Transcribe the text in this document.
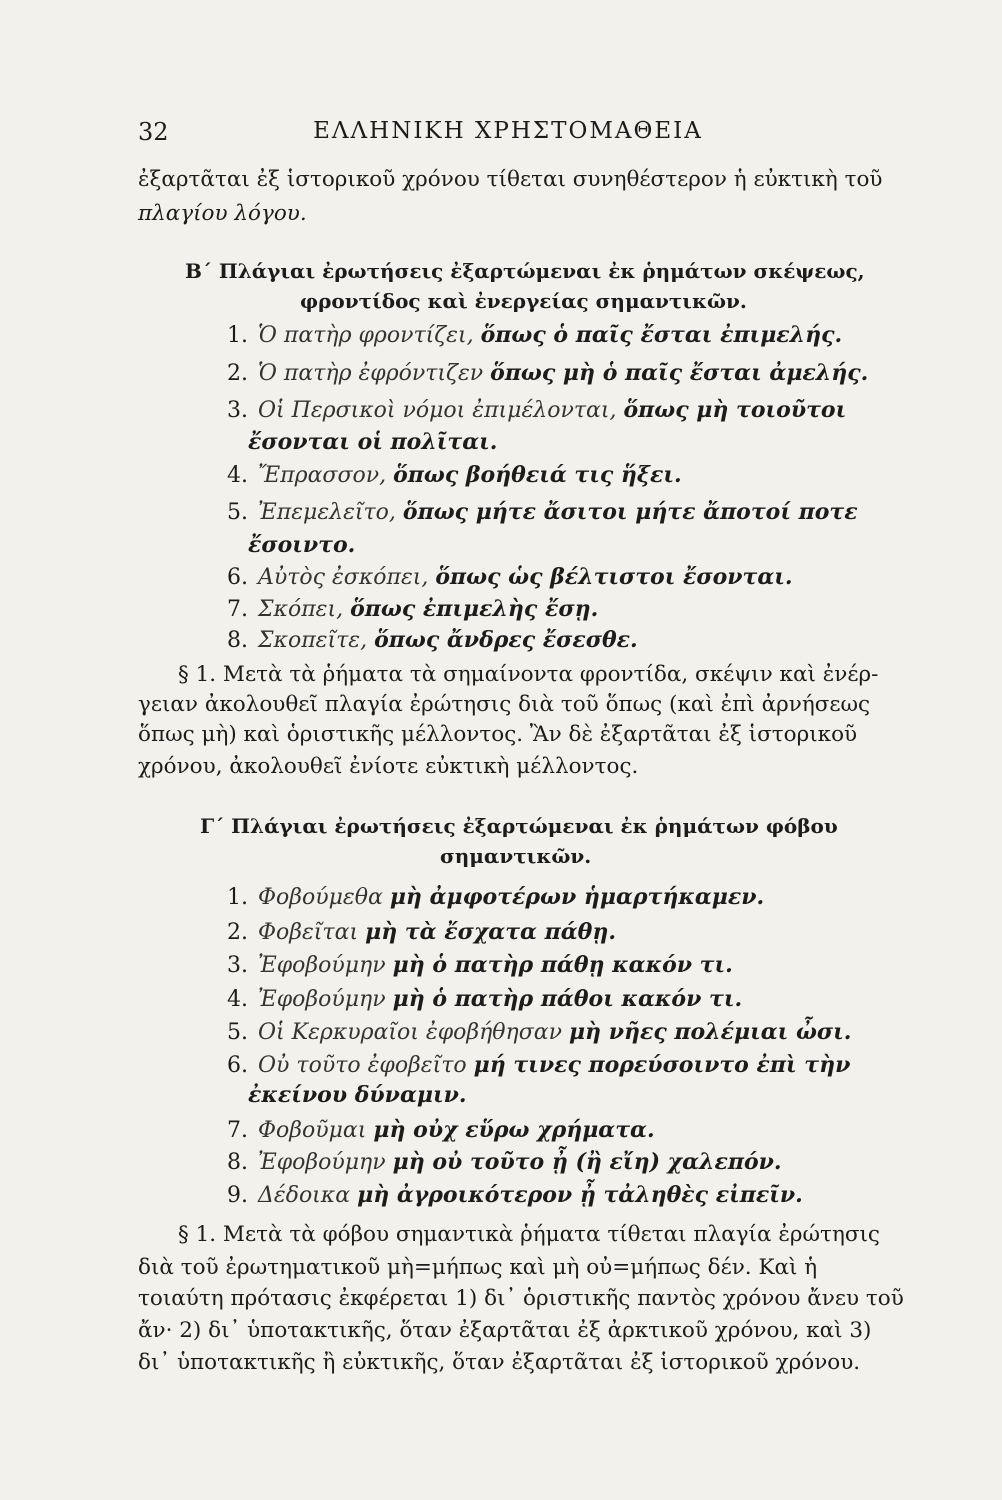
32	ΕΛΛΗΝΙΚΗ ΧΡΗΣΤΟΜΑΘΕΙΑ
ἐξαρτᾶται ἐξ ἱστορικοῦ χρόνου τίθεται συνηθέστερον ἡ εὐκτικὴ τοῦ
πλαγίου λόγου.
Β΄ Πλάγιαι ἐρωτήσεις ἐξαρτώμεναι ἐκ ῥημάτων σκέψεως,
φροντίδος καὶ ἐνεργείας σημαντικῶν.
1. Ὁ πατὴρ φροντίζει, ὅπως ὁ παῖς ἔσται ἐπιμελής.
2. Ὁ πατὴρ ἐφρόντιζεν ὅπως μὴ ὁ παῖς ἔσται ἀμελής.
3. Οἱ Περσικοὶ νόμοι ἐπιμέλονται, ὅπως μὴ τοιοῦτοι
ἔσονται οἱ πολῖται.
4. Ἔπρασσον, ὅπως βοήθειά τις ἥξει.
5. Ἐπεμελεῖτο, ὅπως μήτε ἄσιτοι μήτε ἄποτοί ποτε
ἔσοιντο.
6. Αὐτὸς ἐσκόπει, ὅπως ὡς βέλτιστοι ἔσονται.
7. Σκόπει, ὅπως ἐπιμελὴς ἔσῃ.
8. Σκοπεῖτε, ὅπως ἄνδρες ἔσεσθε.
§ 1. Μετὰ τὰ ῥήματα τὰ σημαίνοντα φροντίδα, σκέψιν καὶ ἐνέρ-
γειαν ἀκολουθεῖ πλαγία ἐρώτησις διὰ τοῦ ὅπως (καὶ ἐπὶ ἀρνήσεως
ὅπως μὴ) καὶ ὁριστικῆς μέλλοντος. Ἂν δὲ ἐξαρτᾶται ἐξ ἱστορικοῦ
χρόνου, ἀκολουθεῖ ἐνίοτε εὐκτικὴ μέλλοντος.
Γ΄ Πλάγιαι ἐρωτήσεις ἐξαρτώμεναι ἐκ ῥημάτων φόβου
σημαντικῶν.
1. Φοβούμεθα μὴ ἀμφοτέρων ἡμαρτήκαμεν.
2. Φοβεῖται μὴ τὰ ἔσχατα πάθῃ.
3. Ἐφοβούμην μὴ ὁ πατὴρ πάθῃ κακόν τι.
4. Ἐφοβούμην μὴ ὁ πατὴρ πάθοι κακόν τι.
5. Οἱ Κερκυραῖοι ἐφοβήθησαν μὴ νῆες πολέμιαι ὦσι.
6. Οὐ τοῦτο ἐφοβεῖτο μή τινες πορεύσοιντο ἐπὶ τὴν
ἐκείνου δύναμιν.
7. Φοβοῦμαι μὴ οὐχ εὕρω χρήματα.
8. Ἐφοβούμην μὴ οὐ τοῦτο ᾖ (ἢ εἴη) χαλεπόν.
9. Δέδοικα μὴ ἀγροικότερον ᾖ τἀληθὲς εἰπεῖν.
§ 1. Μετὰ τὰ φόβου σημαντικὰ ῥήματα τίθεται πλαγία ἐρώτησις
διὰ τοῦ ἐρωτηματικοῦ μὴ=μήπως καὶ μὴ οὐ=μήπως δέν. Καὶ ἡ
τοιαύτη πρότασις ἐκφέρεται 1) δι᾽ ὁριστικῆς παντὸς χρόνου ἄνευ τοῦ
ἄν· 2) δι᾽ ὑποτακτικῆς, ὅταν ἐξαρτᾶται ἐξ ἀρκτικοῦ χρόνου, καὶ 3)
δι᾽ ὑποτακτικῆς ἢ εὐκτικῆς, ὅταν ἐξαρτᾶται ἐξ ἱστορικοῦ χρόνου.
